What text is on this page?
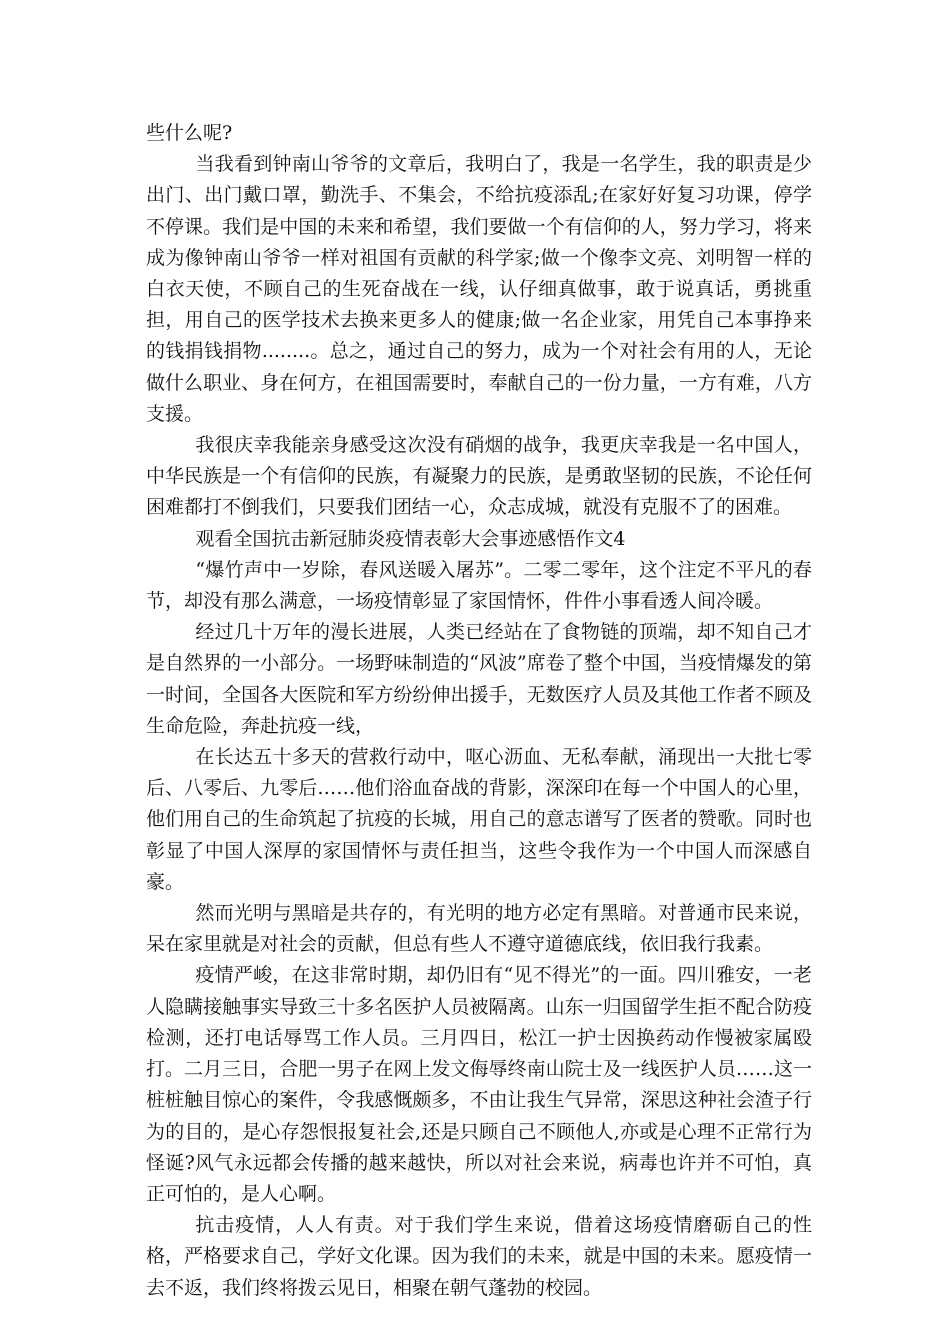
些什么呢?

当我看到钟南山爷爷的文章后，我明白了，我是一名学生，我的职责是少出门、出门戴口罩，勤洗手、不集会，不给抗疫添乱;在家好好复习功课，停学不停课。我们是中国的未来和希望，我们要做一个有信仰的人，努力学习，将来成为像钟南山爷爷一样对祖国有贡献的科学家;做一个像李文亮、刘明智一样的白衣天使，不顾自己的生死奋战在一线，认仔细真做事，敢于说真话，勇挑重担，用自己的医学技术去换来更多人的健康;做一名企业家，用凭自己本事挣来的钱捐钱捐物........。总之，通过自己的努力，成为一个对社会有用的人，无论做什么职业、身在何方，在祖国需要时，奉献自己的一份力量，一方有难，八方支援。

我很庆幸我能亲身感受这次没有硝烟的战争，我更庆幸我是一名中国人，中华民族是一个有信仰的民族，有凝聚力的民族，是勇敢坚韧的民族，不论任何困难都打不倒我们，只要我们团结一心，众志成城，就没有克服不了的困难。

观看全国抗击新冠肺炎疫情表彰大会事迹感悟作文4

“爆竹声中一岁除，春风送暖入屠苏”。二零二零年，这个注定不平凡的春节，却没有那么满意，一场疫情彰显了家国情怀，件件小事看透人间冷暖。

经过几十万年的漫长进展，人类已经站在了食物链的顶端，却不知自己才是自然界的一小部分。一场野味制造的“风波”席卷了整个中国，当疫情爆发的第一时间，全国各大医院和军方纷纷伸出援手，无数医疗人员及其他工作者不顾及生命危险，奔赴抗疫一线，

在长达五十多天的营救行动中，呕心沥血、无私奉献，涌现出一大批七零后、八零后、九零后……他们浴血奋战的背影，深深印在每一个中国人的心里，他们用自己的生命筑起了抗疫的长城，用自己的意志谱写了医者的赞歌。同时也彰显了中国人深厚的家国情怀与责任担当，这些令我作为一个中国人而深感自豪。

然而光明与黑暗是共存的，有光明的地方必定有黑暗。对普通市民来说，呆在家里就是对社会的贡献，但总有些人不遵守道德底线，依旧我行我素。

疫情严峻，在这非常时期，却仍旧有“见不得光”的一面。四川雅安，一老人隐瞒接触事实导致三十多名医护人员被隔离。山东一归国留学生拒不配合防疫检测，还打电话辱骂工作人员。三月四日，松江一护士因换药动作慢被家属殴打。二月三日，合肥一男子在网上发文侮辱终南山院士及一线医护人员……这一桩桩触目惊心的案件，令我感慨颇多，不由让我生气异常，深思这种社会渣子行为的目的，是心存怨恨报复社会,还是只顾自己不顾他人,亦或是心理不正常行为怪诞?风气永远都会传播的越来越快，所以对社会来说，病毒也许并不可怕，真正可怕的，是人心啊。

抗击疫情，人人有责。对于我们学生来说，借着这场疫情磨砺自己的性格，严格要求自己，学好文化课。因为我们的未来，就是中国的未来。愿疫情一去不返，我们终将拨云见日，相聚在朝气蓬勃的校园。
